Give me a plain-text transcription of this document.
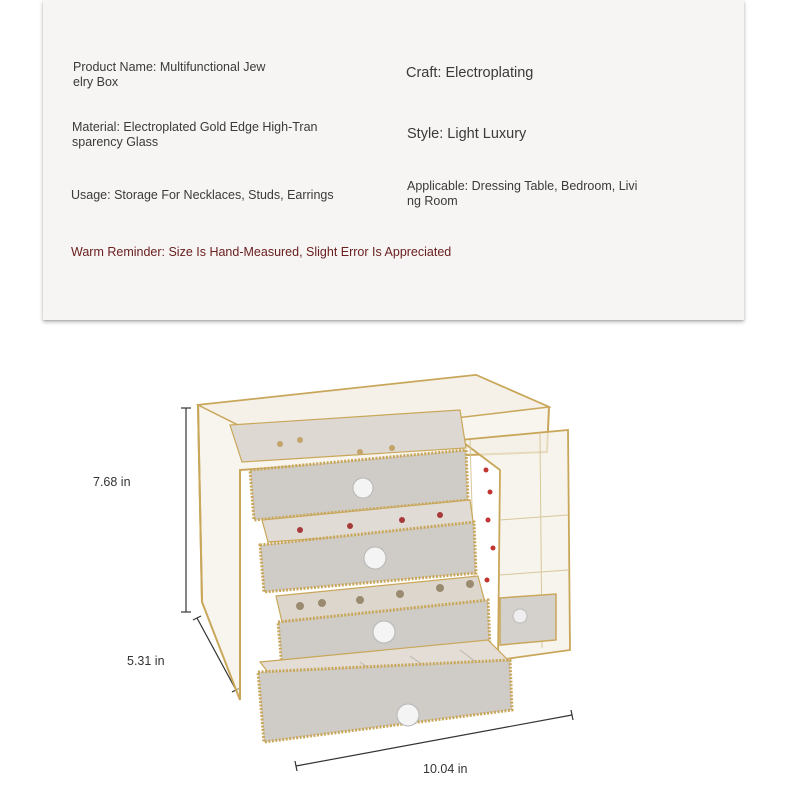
Product Name: Multifunctional Jew elry Box
Craft: Electroplating
Material: Electroplated Gold Edge High-Tran sparency Glass	Style: Light Luxury
Usage: Storage For Necklaces, Studs, Earrings
Applicable: Dressing Table, Bedroom, Livi ng Room
Warm Reminder: Size Is Hand-Measured, Slight Error Is Appreciated
7.68 in
5.31 in
10.04 in
